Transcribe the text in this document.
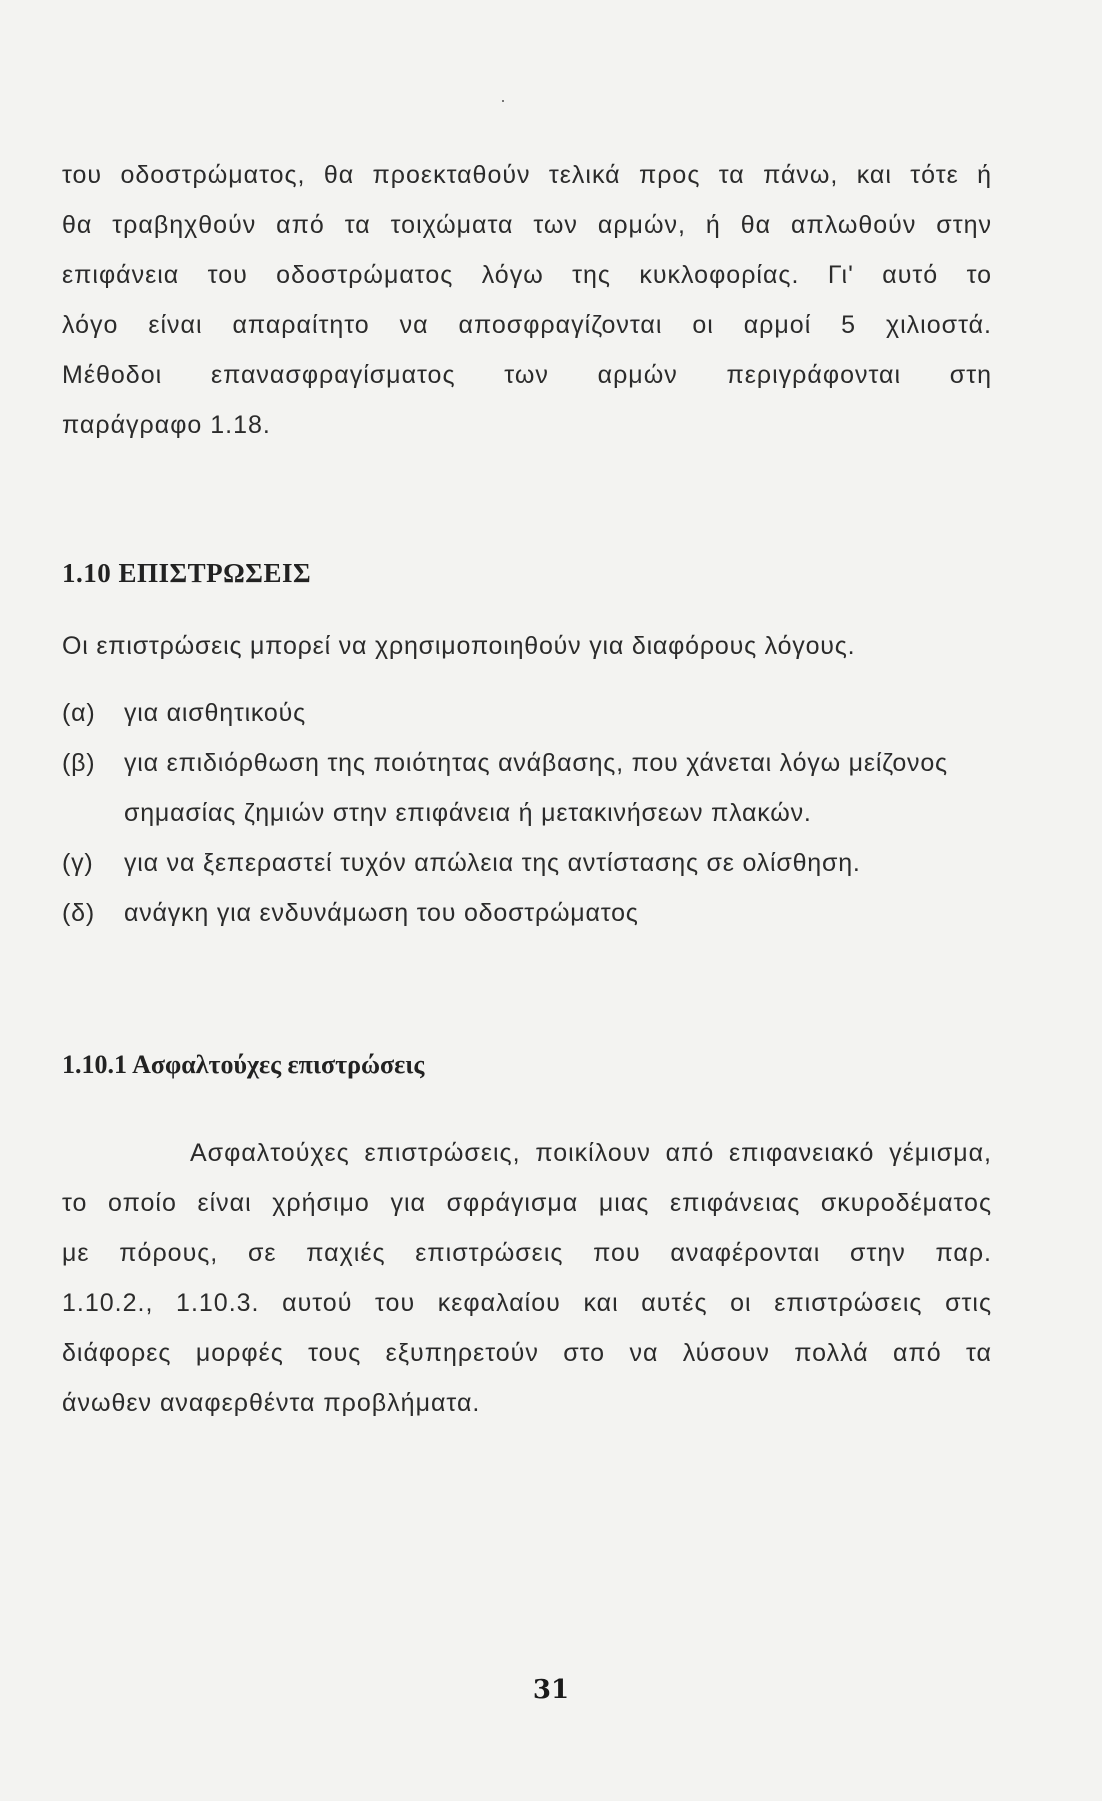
του οδοστρώματος, θα προεκταθούν τελικά προς τα πάνω, και τότε ή
θα τραβηχθούν από τα τοιχώματα των αρμών, ή θα απλωθούν στην
επιφάνεια του οδοστρώματος λόγω της κυκλοφορίας. Γι' αυτό το
λόγο είναι απαραίτητο να αποσφραγίζονται οι αρμοί 5 χιλιοστά.
Μέθοδοι επανασφραγίσματος των αρμών περιγράφονται στη
παράγραφο 1.18.
1.10 ΕΠΙΣΤΡΩΣΕΙΣ
Οι επιστρώσεις μπορεί να χρησιμοποιηθούν για διαφόρους λόγους.
(α)	για αισθητικούς
(β)	για επιδιόρθωση της ποιότητας ανάβασης, που χάνεται λόγω μείζονος σημασίας ζημιών στην επιφάνεια ή μετακινήσεων πλακών.
(γ)	για να ξεπεραστεί τυχόν απώλεια της αντίστασης σε ολίσθηση.
(δ)	ανάγκη για ενδυνάμωση του οδοστρώματος
1.10.1 Ασφαλτούχες επιστρώσεις
Ασφαλτούχες επιστρώσεις, ποικίλουν από επιφανειακό γέμισμα,
το οποίο είναι χρήσιμο για σφράγισμα μιας επιφάνειας σκυροδέματος
με πόρους, σε παχιές επιστρώσεις που αναφέρονται στην παρ.
1.10.2., 1.10.3. αυτού του κεφαλαίου και αυτές οι επιστρώσεις στις
διάφορες μορφές τους εξυπηρετούν στο να λύσουν πολλά από τα
άνωθεν αναφερθέντα προβλήματα.
31
